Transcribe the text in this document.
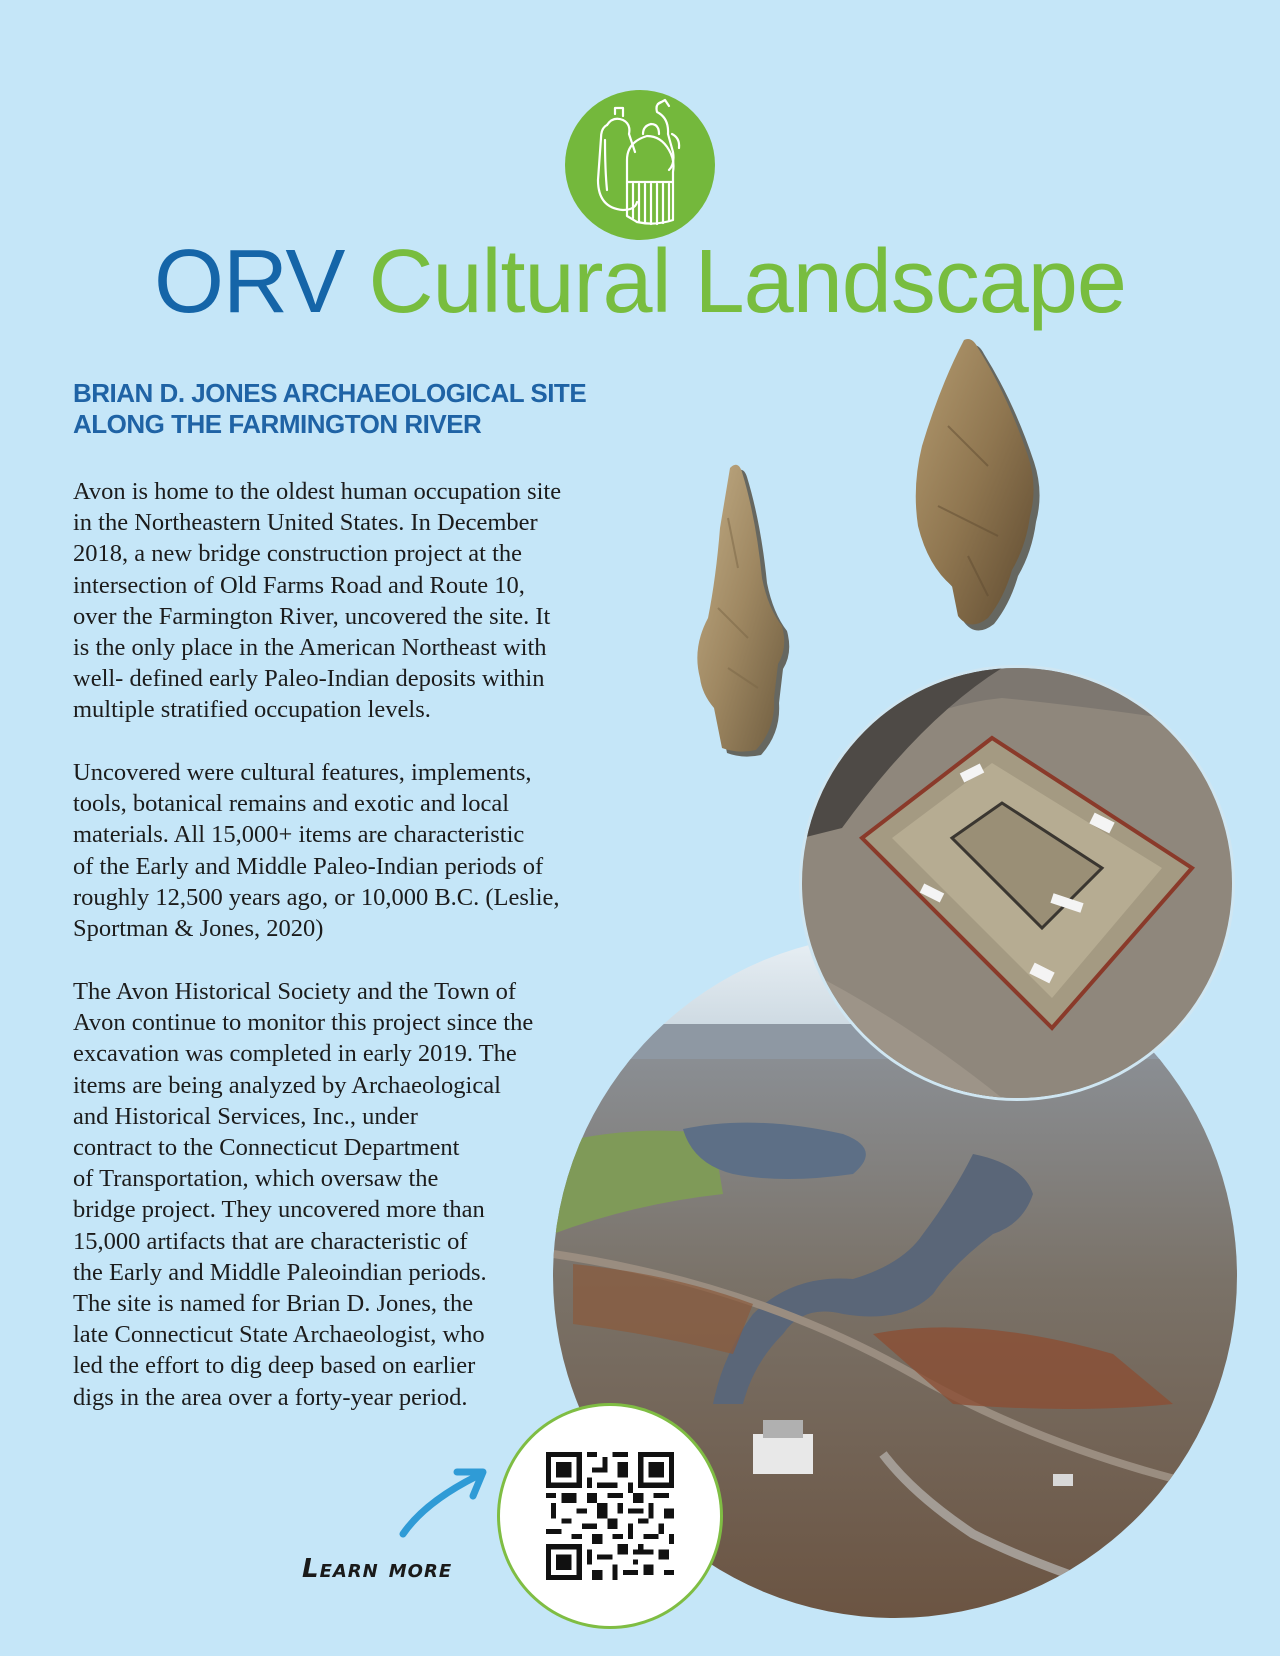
ORV Cultural Landscape
BRIAN D. JONES ARCHAEOLOGICAL SITE
ALONG THE FARMINGTON RIVER
Avon is home to the oldest human occupation site
in the Northeastern United States. In December
2018, a new bridge construction project at the
intersection of Old Farms Road and Route 10,
over the Farmington River, uncovered the site. It
is the only place in the American Northeast with
well- defined early Paleo-Indian deposits within
multiple stratified occupation levels.
Uncovered were cultural features, implements,
tools, botanical remains and exotic and local
materials. All 15,000+ items are characteristic
of the Early and Middle Paleo-Indian periods of
roughly 12,500 years ago, or 10,000 B.C. (Leslie,
Sportman & Jones, 2020)
The Avon Historical Society and the Town of
Avon continue to monitor this project since the
excavation was completed in early 2019. The
items are being analyzed by Archaeological
and Historical Services, Inc., under
contract to the Connecticut Department
of Transportation, which oversaw the
bridge project. They uncovered more than
15,000 artifacts that are characteristic of
the Early and Middle Paleoindian periods.
The site is named for Brian D. Jones, the
late Connecticut State Archaeologist, who
led the effort to dig deep based on earlier
digs in the area over a forty-year period.
Learn more
